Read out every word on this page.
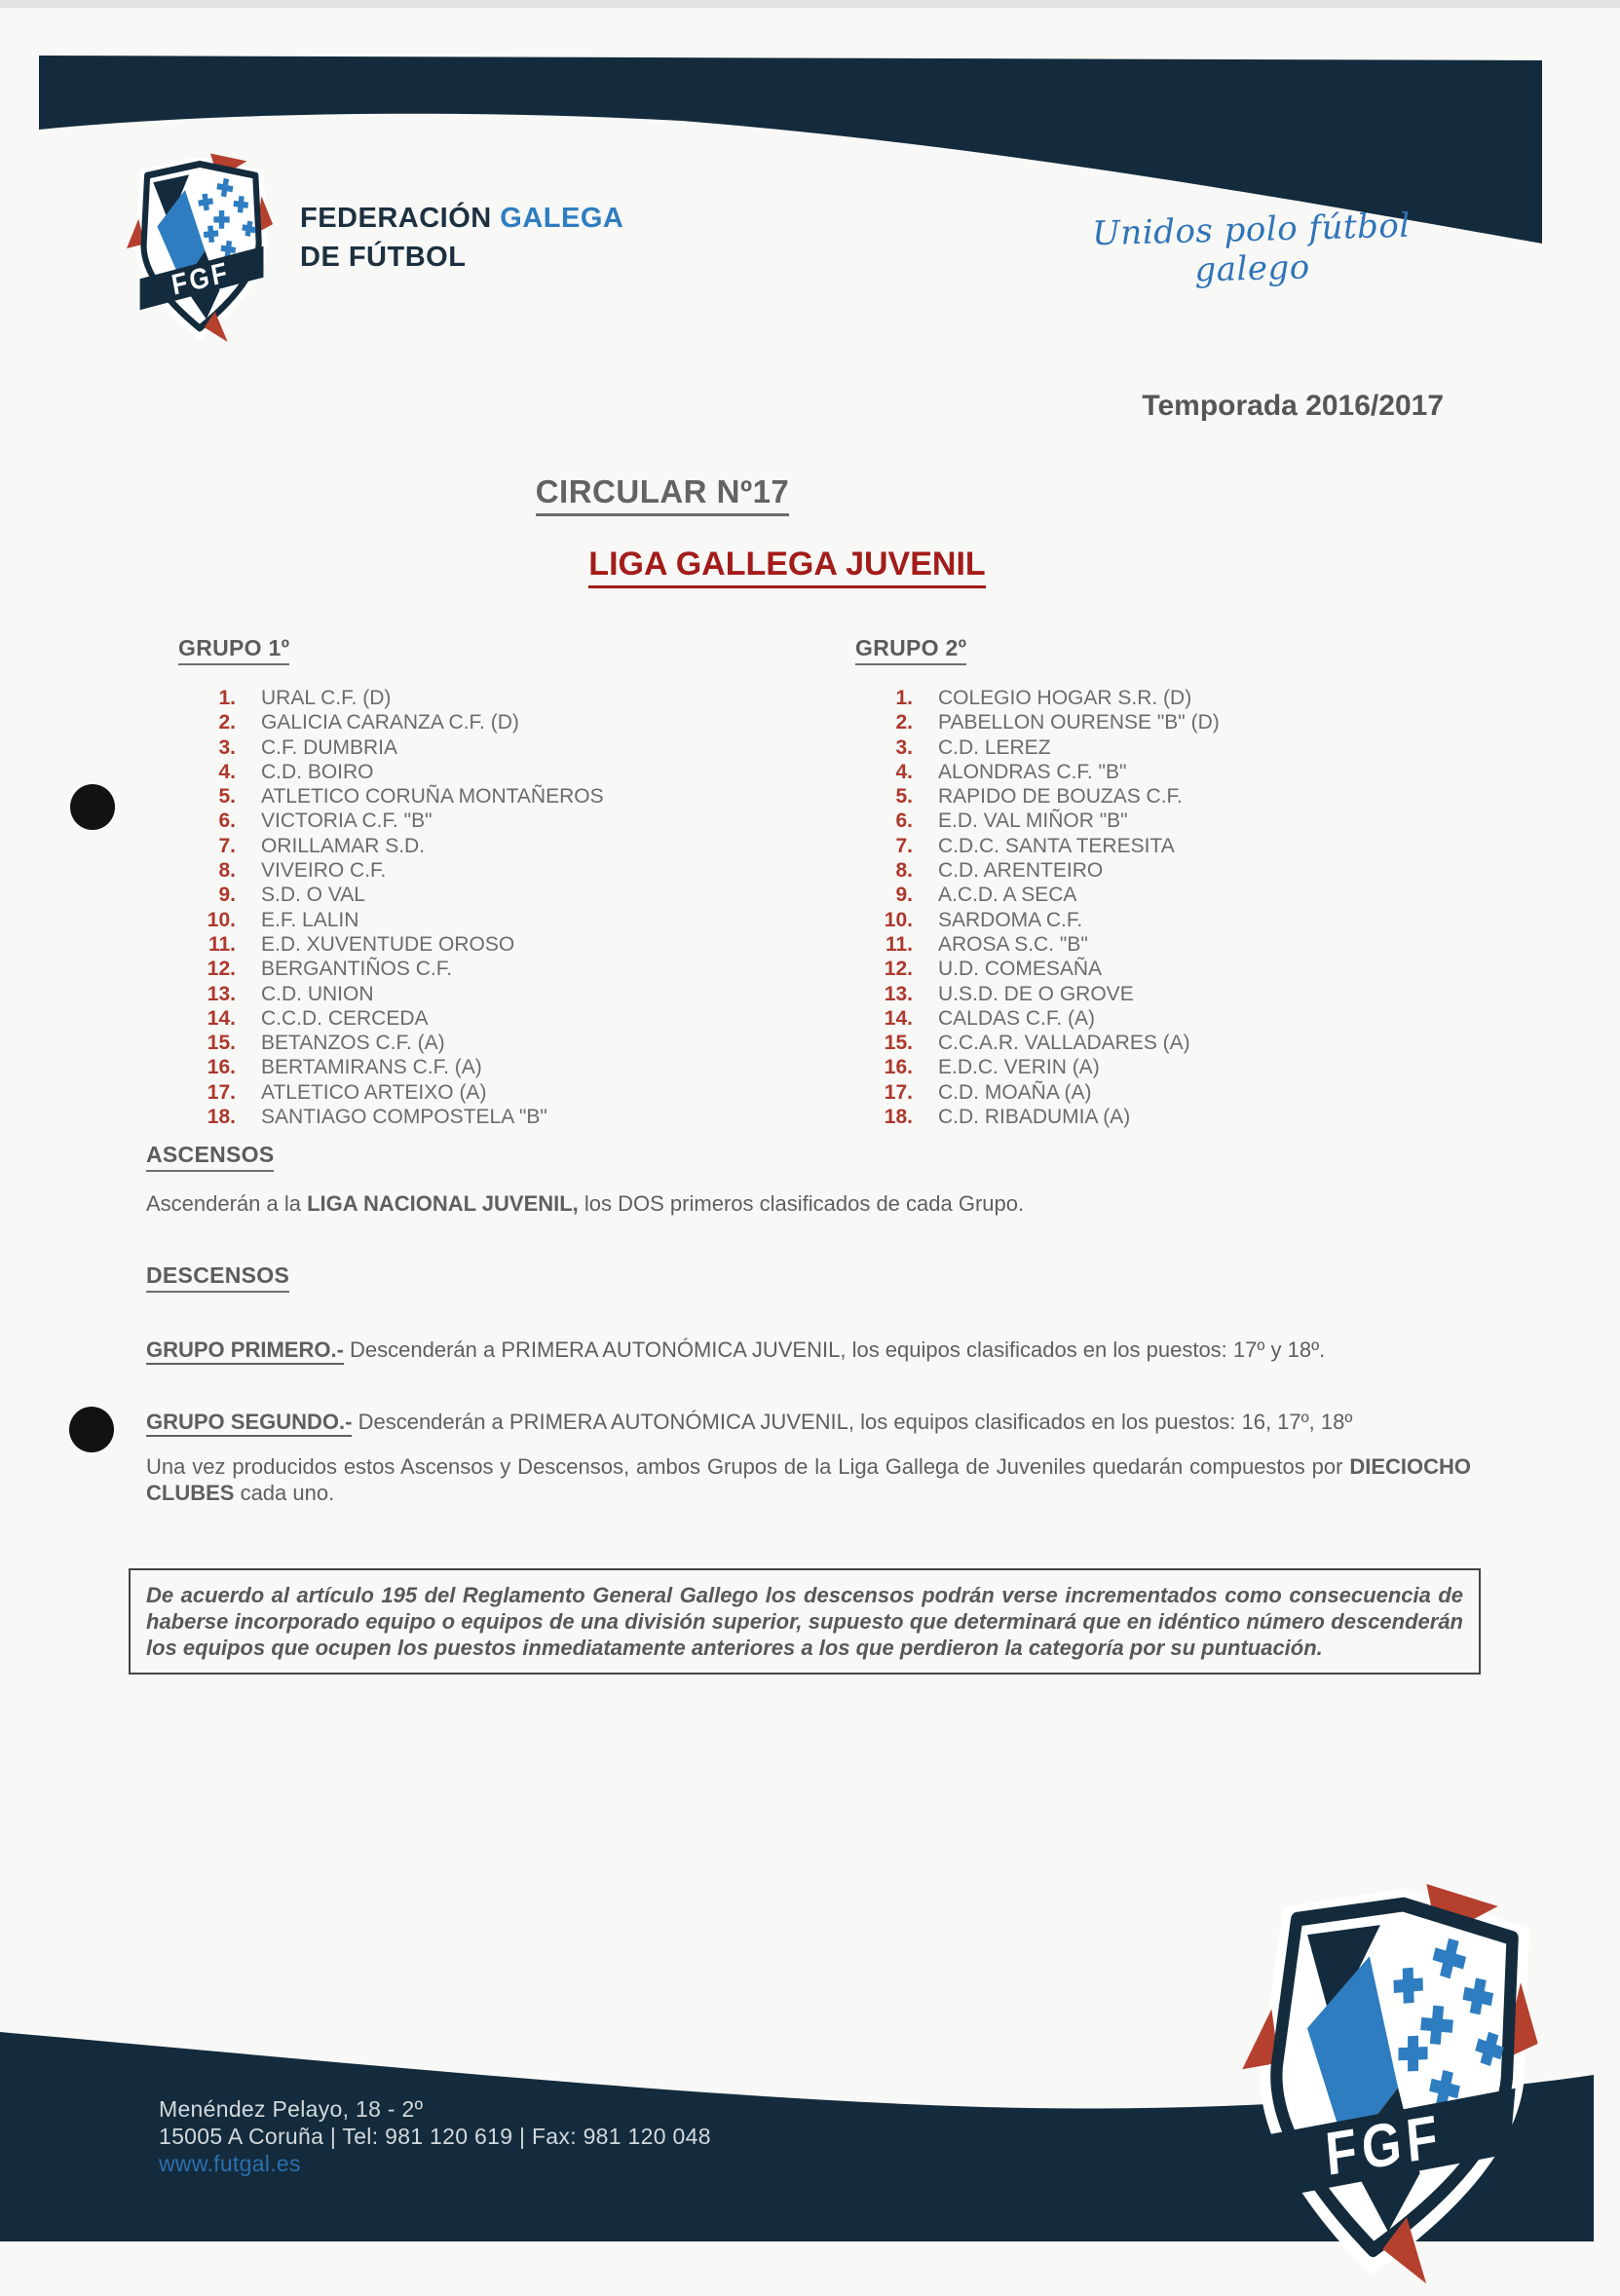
FEDERACIÓN GALEGA
DE FÚTBOL
Unidos polo fútbol galego
Temporada 2016/2017
CIRCULAR Nº17
LIGA GALLEGA JUVENIL
GRUPO 1º	GRUPO 2º
1. URAL C.F. (D)
2. GALICIA CARANZA C.F. (D)
3. C.F. DUMBRIA
4. C.D. BOIRO
5. ATLETICO CORUÑA MONTAÑEROS
6. VICTORIA C.F. "B"
7. ORILLAMAR S.D.
8. VIVEIRO C.F.
9. S.D. O VAL
10. E.F. LALIN
11. E.D. XUVENTUDE OROSO
12. BERGANTIÑOS C.F.
13. C.D. UNION
14. C.C.D. CERCEDA
15. BETANZOS C.F. (A)
16. BERTAMIRANS C.F. (A)
17. ATLETICO ARTEIXO (A)
18. SANTIAGO COMPOSTELA "B"
1. COLEGIO HOGAR S.R. (D)
2. PABELLON OURENSE "B" (D)
3. C.D. LEREZ
4. ALONDRAS C.F. "B"
5. RAPIDO DE BOUZAS C.F.
6. E.D. VAL MIÑOR "B"
7. C.D.C. SANTA TERESITA
8. C.D. ARENTEIRO
9. A.C.D. A SECA
10. SARDOMA C.F.
11. AROSA S.C. "B"
12. U.D. COMESAÑA
13. U.S.D. DE O GROVE
14. CALDAS C.F. (A)
15. C.C.A.R. VALLADARES (A)
16. E.D.C. VERIN (A)
17. C.D. MOAÑA (A)
18. C.D. RIBADUMIA (A)
ASCENSOS
Ascenderán a la LIGA NACIONAL JUVENIL, los DOS primeros clasificados de cada Grupo.
DESCENSOS
GRUPO PRIMERO.- Descenderán a PRIMERA AUTONÓMICA JUVENIL, los equipos clasificados en los puestos: 17º y 18º.
GRUPO SEGUNDO.- Descenderán a PRIMERA AUTONÓMICA JUVENIL, los equipos clasificados en los puestos: 16, 17º, 18º
Una vez producidos estos Ascensos y Descensos, ambos Grupos de la Liga Gallega de Juveniles quedarán compuestos por DIECIOCHO CLUBES cada uno.
De acuerdo al artículo 195 del Reglamento General Gallego los descensos podrán verse incrementados como consecuencia de haberse incorporado equipo o equipos de una división superior, supuesto que determinará que en idéntico número descenderán los equipos que ocupen los puestos inmediatamente anteriores a los que perdieron la categoría por su puntuación.
Menéndez Pelayo, 18 - 2º
15005 A Coruña | Tel: 981 120 619 | Fax: 981 120 048
www.futgal.es
